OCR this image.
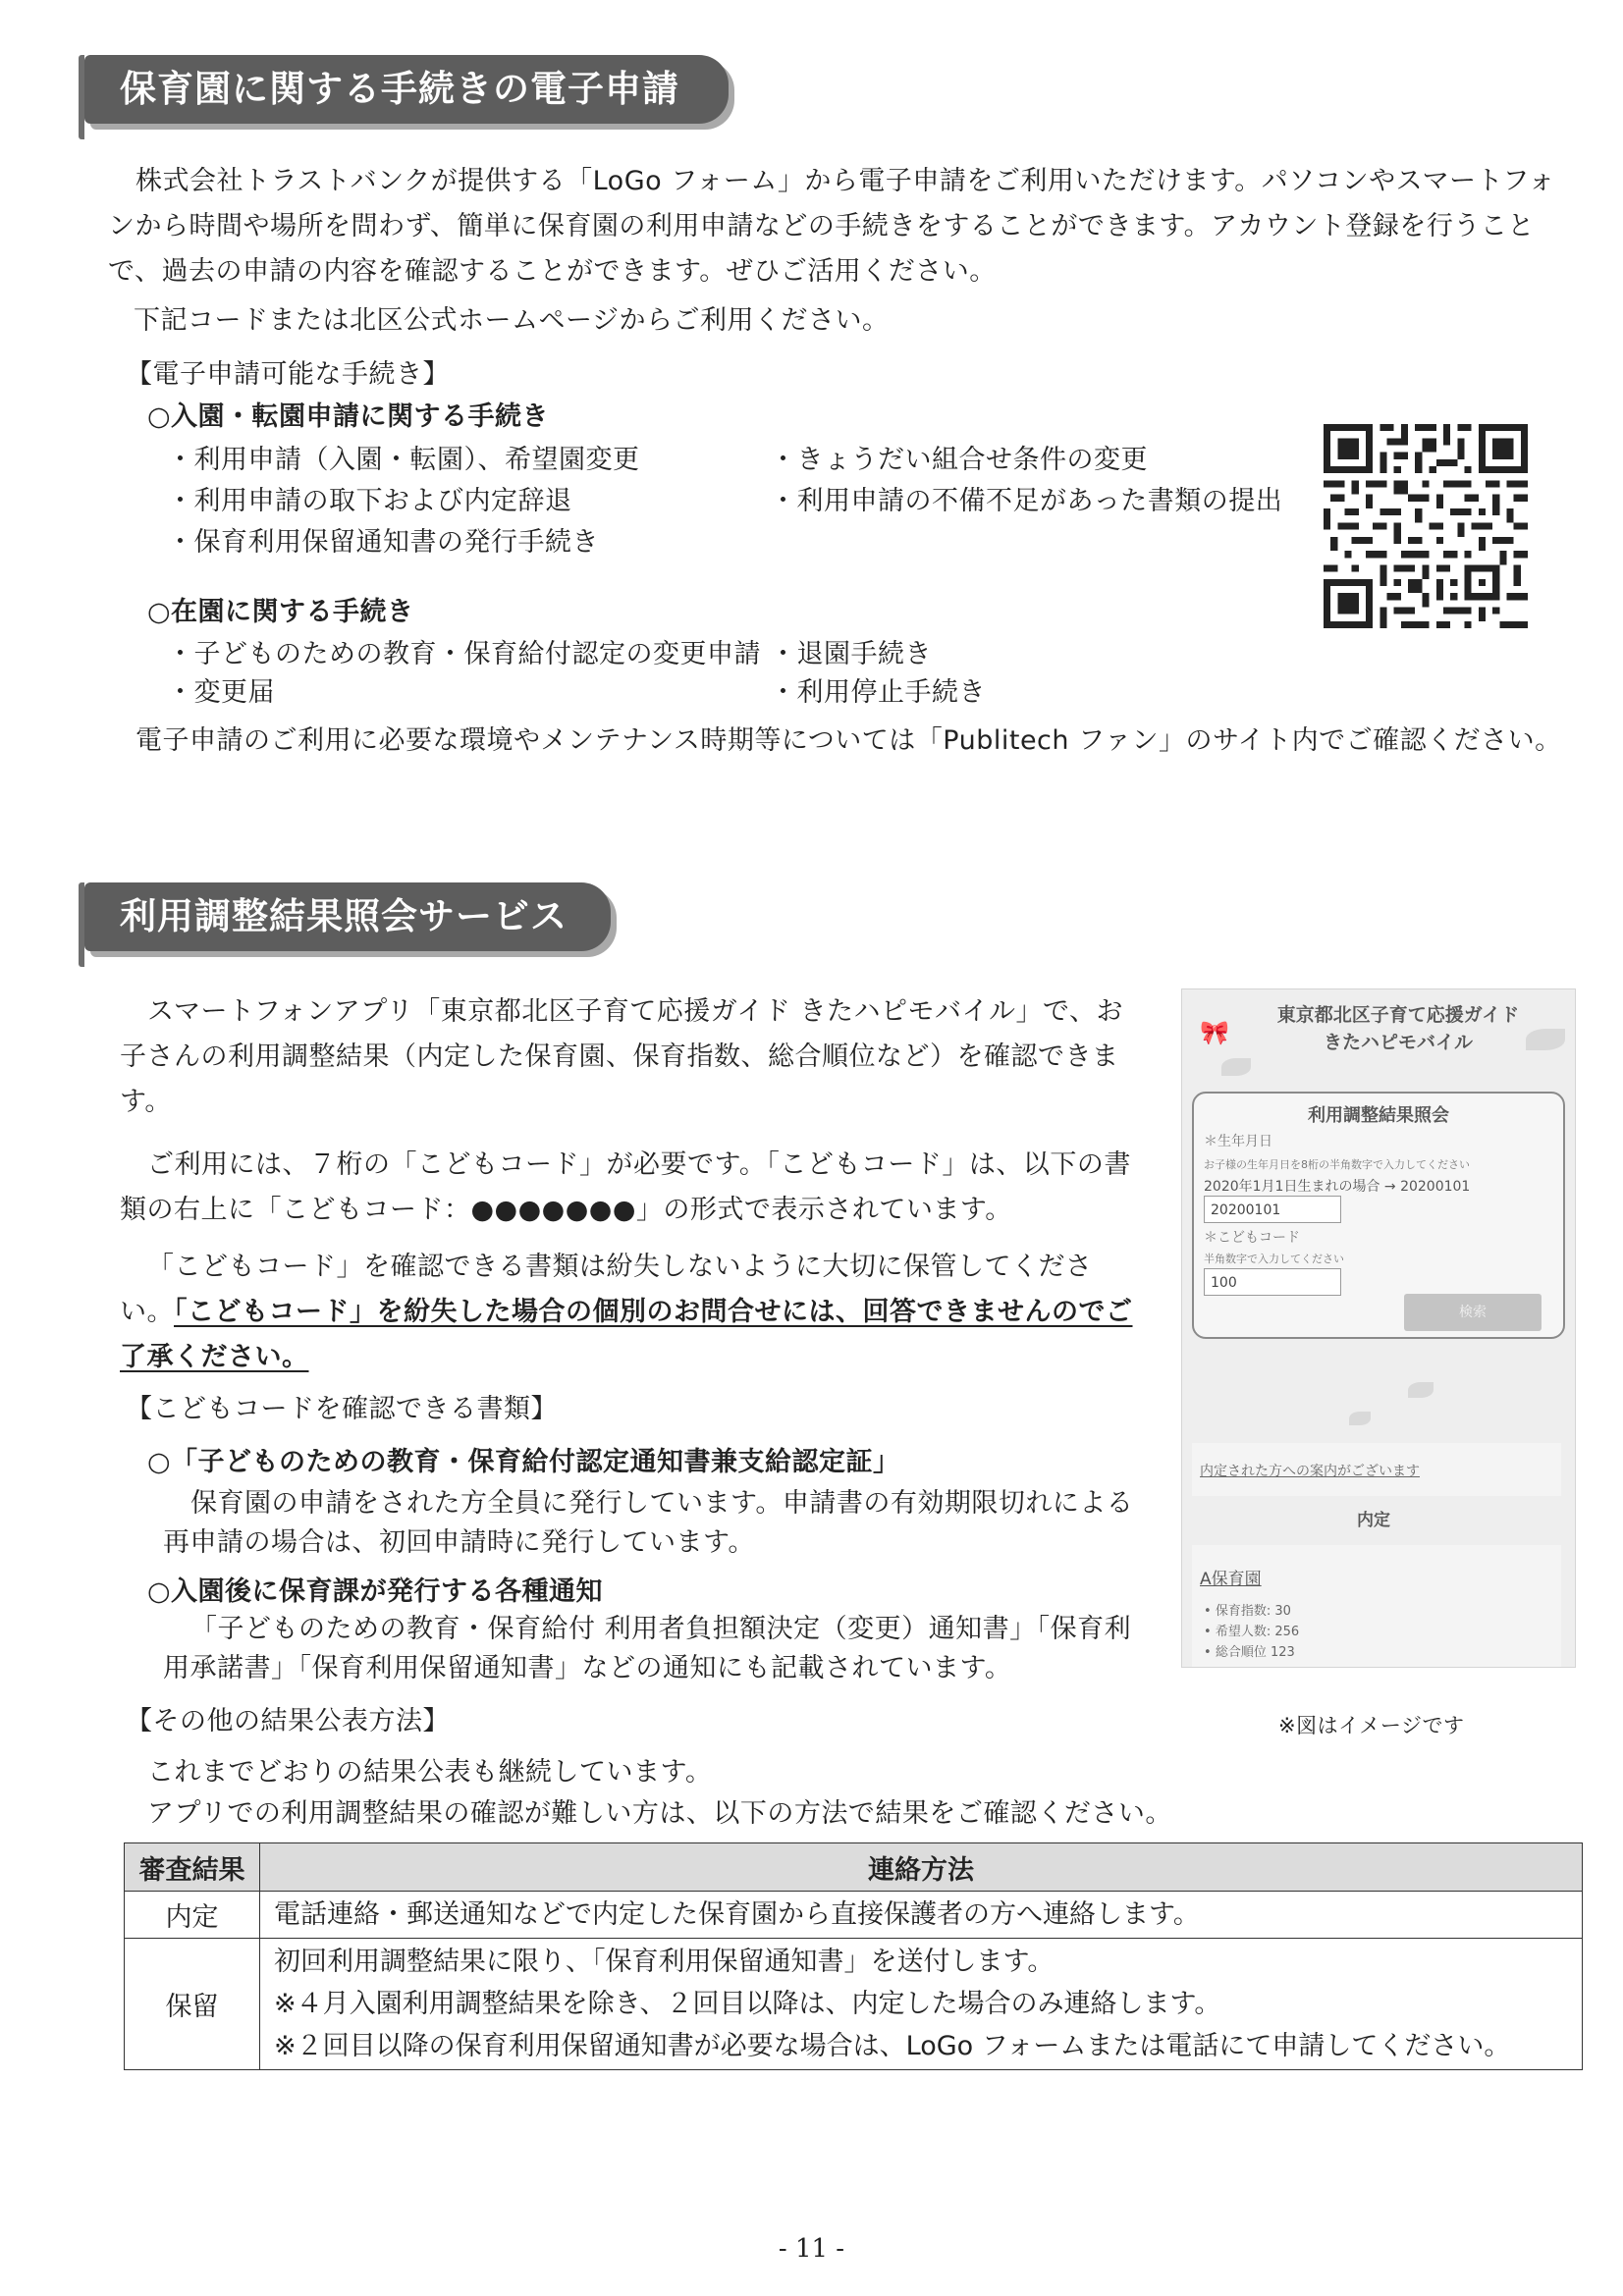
保育園に関する手続きの電子申請
株式会社トラストバンクが提供する「LoGo フォーム」から電子申請をご利用いただけます。パソコンやスマートフォンから時間や場所を問わず、簡単に保育園の利用申請などの手続きをすることができます。アカウント登録を行うことで、過去の申請の内容を確認することができます。ぜひご活用ください。
下記コードまたは北区公式ホームページからご利用ください。
【電子申請可能な手続き】
○入園・転園申請に関する手続き
・利用申請（入園・転園）、希望園変更
・利用申請の取下および内定辞退
・保育利用保留通知書の発行手続き
・きょうだい組合せ条件の変更
・利用申請の不備不足があった書類の提出
○在園に関する手続き
・子どものための教育・保育給付認定の変更申請
・変更届
・退園手続き
・利用停止手続き
電子申請のご利用に必要な環境やメンテナンス時期等については「Publitech ファン」のサイト内でご確認ください。
利用調整結果照会サービス
スマートフォンアプリ「東京都北区子育て応援ガイド きたハピモバイル」で、お子さんの利用調整結果（内定した保育園、保育指数、総合順位など）を確認できます。
ご利用には、７桁の「こどもコード」が必要です。「こどもコード」は、以下の書類の右上に「こどもコード：●●●●●●●」の形式で表示されています。
「こどもコード」を確認できる書類は紛失しないように大切に保管してください。「こどもコード」を紛失した場合の個別のお問合せには、回答できませんのでご了承ください。
【こどもコードを確認できる書類】
○「子どものための教育・保育給付認定通知書兼支給認定証」
保育園の申請をされた方全員に発行しています。申請書の有効期限切れによる再申請の場合は、初回申請時に発行しています。
○入園後に保育課が発行する各種通知
「子どものための教育・保育給付 利用者負担額決定（変更）通知書」「保育利用承諾書」「保育利用保留通知書」などの通知にも記載されています。
🎀
東京都北区子育て応援ガイド
きたハピモバイル
利用調整結果照会
＊生年月日
お子様の生年月日を8桁の半角数字で入力してください
2020年1月1日生まれの場合 → 20200101
20200101
＊こどもコード
半角数字で入力してください
100
検索
内定された方への案内がございます
内定
A保育園
• 保育指数: 30
• 希望人数: 256
• 総合順位 123
※図はイメージです
【その他の結果公表方法】
これまでどおりの結果公表も継続しています。
アプリでの利用調整結果の確認が難しい方は、以下の方法で結果をご確認ください。
審査結果	連絡方法
内定	電話連絡・郵送通知などで内定した保育園から直接保護者の方へ連絡します。
保留	初回利用調整結果に限り、「保育利用保留通知書」を送付します。
※４月入園利用調整結果を除き、２回目以降は、内定した場合のみ連絡します。
※２回目以降の保育利用保留通知書が必要な場合は、LoGo フォームまたは電話にて申請してください。
- 11 -
